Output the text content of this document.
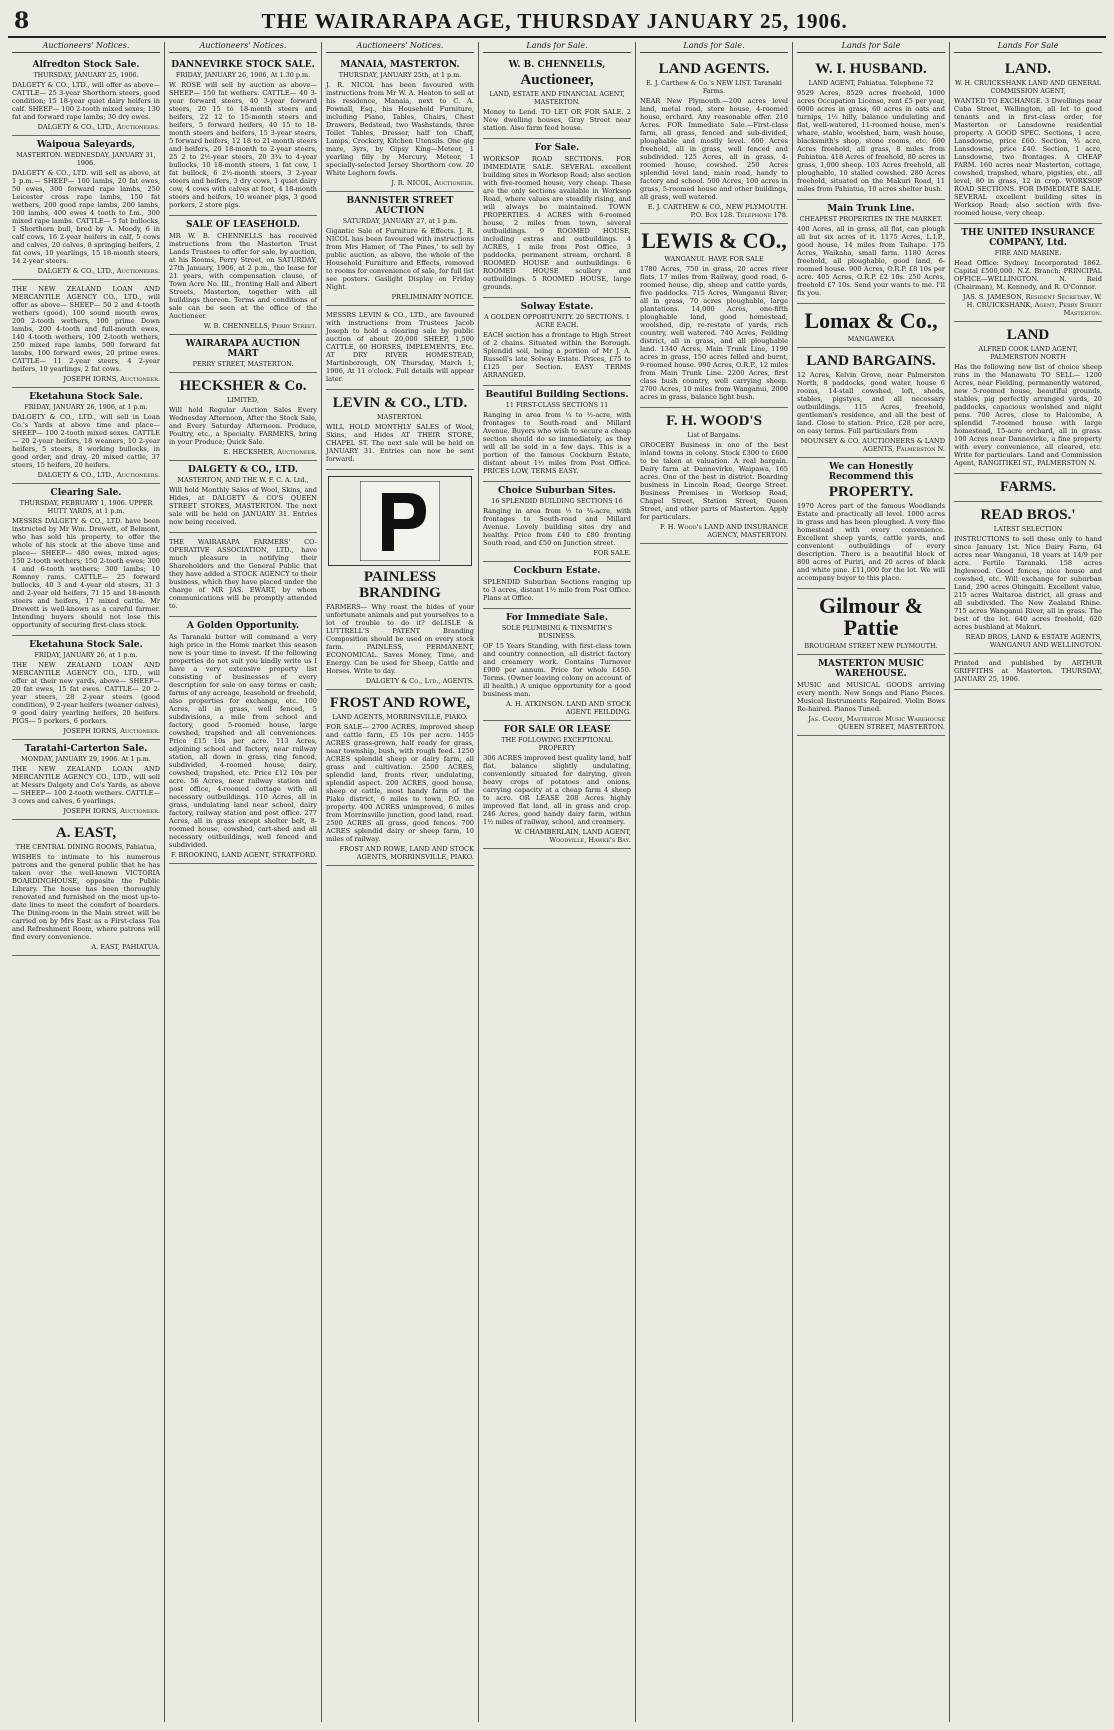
8	THE WAIRARAPA AGE, THURSDAY JANUARY 25, 1906.
Auctioneers' Notices.
Alfredton Stock Sale.
THURSDAY, JANUARY 25, 1906.

DALGETY & CO., LTD., will offer as above— CATTLE— 25 3-year Shorthorn steers, good condition; 15 18-year quiet dairy heifers in calf. SHEEP— 100 2-tooth mixed sexes; 130 fat and forward rape lambs; 30 dry ewes.

DALGETY & CO., LTD., Auctioneers.
Waipoua Saleyards,
MASTERTON. WEDNESDAY, JANUARY 31, 1906.

DALGETY & CO., LTD. will sell as above, at 1 p.m.— SHEEP— 100 lambs, 20 fat ewes, 50 ewes, 300 forward rape lambs, 250 Leicester cross rape lambs, 150 fat wethers, 200 good rape lambs, 200 lambs, 100 lambs, 400 ewes 4 tooth to f.m., 300 mixed rape lambs. CATTLE— 5 fat bullocks, 1 Shorthorn bull, bred by A. Moody, 6 in calf cows, 16 2-year heifers in calf, 5 cows and calves, 20 calves, 8 springing heifers, 2 fat cows, 10 yearlings, 15 18-month steers, 14 2-year steers.

DALGETY & CO., LTD., Auctioneers.

THE NEW ZEALAND LOAN AND MERCANTILE AGENCY CO., LTD., will offer as above— SHEEP— 50 2 and 4-tooth wethers (good), 100 sound mouth ewes, 200 2-tooth wethers, 100 prime Down lambs, 200 4-tooth and full-mouth ewes, 140 4-tooth wethers, 100 2-tooth wethers, 250 mixed rape lambs, 500 forward fat lambs, 100 forward ewes, 20 prime ewes. CATTLE— 11 2-year steers, 4 2-year heifers, 10 yearlings, 2 fat cows.

JOSEPH IORNS, Auctioneer.
Eketahuna Stock Sale.
FRIDAY, JANUARY 26, 1906, at 1 p.m.

DALGETY & CO., LTD., will sell in Lean Co.'s Yards at above time and place— SHEEP— 100 2-tooth mixed sexes. CATTLE— 20 2-year heifers, 18 weaners, 10 2-year heifers, 5 steers, 8 working bullocks, in good order, and dray, 20 mixed cattle, 37 steers, 15 heifers, 20 heifers.

DALGETY & CO., LTD., Auctioneers.
Clearing Sale.
THURSDAY, FEBRUARY 1, 1906. UPPER HUTT YARDS, at 1 p.m.

MESSRS DALGETY & CO., LTD. have been instructed by Mr Wm. Drewett, of Belmont, who has sold his property, to offer the whole of his stock at the above time and place— SHEEP— 480 ewes, mixed ages; 150 2-tooth wethers; 150 2-tooth ewes; 300 4 and 6-tooth wethers; 300 lambs; 10 Romney rams. CATTLE— 25 forward bullocks, 40 3 and 4-year old steers, 31 3 and 2-year old heifers, 71 15 and 18-month steers and heifers, 17 mixed cattle. Mr Drewett is well-known as a careful farmer. Intending buyers should not lose this opportunity of securing first-class stock.

Eketahuna Stock Sale.
FRIDAY, JANUARY 26, at 1 p.m.

THE NEW ZEALAND LOAN AND MERCANTILE AGENCY CO., LTD., will offer at their new yards, above— SHEEP— 20 fat ewes, 15 fat ewes. CATTLE— 20 2-year steers, 28 2-year steers (good condition), 9 2-year heifers (weaner calves), 9 good dairy yearling heifers, 20 heifers. PIGS— 5 porkers, 6 porkers.

JOSEPH IORNS, Auctioneer.
Taratahi-Carterton Sale.
MONDAY, JANUARY 29, 1906. At 1 p.m.

THE NEW ZEALAND LOAN AND MERCANTILE AGENCY CO., LTD., will sell at Messrs Dalgety and Co's Yards, as above— SHEEP— 100 2-tooth wethers. CATTLE— 3 cows and calves, 6 yearlings.

JOSEPH IORNS, Auctioneer.
A. EAST,
THE CENTRAL DINING ROOMS, Pahiatua,

WISHES to intimate to his numerous patrons and the general public that he has taken over the well-known VICTORIA BOARDINGHOUSE, opposite the Public Library. The house has been thoroughly renovated and furnished on the most up-to-date lines to meet the comfort of boarders. The Dining-room in the Main street will be carried on by Mrs East as a First-class Tea and Refreshment Room, where patrons will find every convenience.

A. EAST, PAHIATUA.
Auctioneers' Notices.
DANNEVIRKE STOCK SALE.
FRIDAY, JANUARY 26, 1906, At 1.30 p.m.

W. ROSE will sell by auction as above— SHEEP— 150 fat wethers. CATTLE— 40 3-year forward steers, 40 3-year forward steers, 20 15 to 18-month steers and heifers, 22 12 to 15-month steers and heifers, 5 forward heifers, 40 15 to 18-month steers and heifers, 15 3-year steers, 5 forward heifers, 12 18 to 21-month steers and heifers, 20 18-month to 2-year steers, 25 2 to 2½-year steers, 20 3¼ to 4-year bullocks, 10 18-month steers, 1 fat cow, 1 fat bullock, 6 2½-month steers, 3 2-year steers and heifers, 3 dry cows, 1 quiet dairy cow, 4 cows with calves at foot, 4 18-month steers and heifers, 10 weaner pigs, 3 good porkers, 2 store pigs.

SALE OF LEASEHOLD.

MR W. B. CHENNELLS has received instructions from the Masterton Trust Lands Trustees to offer for sale, by auction, at his Rooms, Perry Street, on SATURDAY, 27th January, 1906, at 2 p.m., the lease for 21 years, with compensation clause, of Town Acre No. III., fronting Hall and Albert Streets, Masterton, together with all buildings thereon. Terms and conditions of sale can be seen at the office of the Auctioneer.

W. B. CHENNELLS, Perry Street.
WAIRARAPA AUCTION MART
PERRY STREET, MASTERTON.
HECKSHER & Co.
LIMITED,

Will hold Regular Auction Sales Every Wednesday Afternoon, After the Stock Sale, and Every Saturday Afternoon. Produce, Poultry, etc., a Specialty. FARMERS, bring in your Produce; Quick Sale.

E. HECKSHER, Auctioneer.
DALGETY & CO., LTD.
MASTERTON, AND THE W. F. C. A. Ltd.,

Will hold Monthly Sales of Wool, Skins, and Hides, at DALGETY & CO'S QUEEN STREET STORES, MASTERTON. The next sale will be held on JANUARY 31. Entries now being received.

THE WAIRARAPA FARMERS' CO-OPERATIVE ASSOCIATION, LTD., have much pleasure in notifying their Shareholders and the General Public that they have added a STOCK AGENCY to their business, which they have placed under the charge of MR JAS. EWART, by whom communications will be promptly attended to.

A Golden Opportunity.

As Taranaki butter will command a very high price in the Home market this season now is your time to invest. If the following properties do not suit you kindly write us I have a very extensive property list consisting of businesses of every description for sale on easy terms or cash; farms of any acreage, leasehold or freehold, also properties for exchange, etc. 100 Acres, all in grass, well fenced, 5 subdivisions, a mile from school and factory, good 5-roomed house, large cowshed, trapshed and all conveniences. Price £15 10s per acre. 113 Acres, adjoining school and factory, near railway station, all down in grass, ring fenced, subdivided, 4-roomed house, dairy, cowshed, trapshed, etc. Price £12 10s per acre. 56 Acres, near railway station and post office, 4-roomed cottage with all necessary outbuildings. 110 Acres, all in grass, undulating land near school, dairy factory, railway station and post office. 277 Acres, all in grass except shelter belt, 8-roomed house, cowshed, cart-shed and all necessary outbuildings, well fenced and subdivided.

F. BROOKING, LAND AGENT, STRATFORD.
Auctioneers' Notices.
MANAIA, MASTERTON.
THURSDAY, JANUARY 25th, at 1 p.m.

J. R. NICOL has been favoured with instructions from Mr W. A. Heaton to sell at his residence, Manaia, next to C. A. Pownall, Esq., his Household Furniture, including Piano, Tables, Chairs, Chest Drawers, Bedstead, two Washstands, three Toilet Tables, Dresser, half ton Chaff, Lamps, Crockery, Kitchen Utensils. One gig mare, 3yrs, by Gipsy King—Meteor, 1 yearling filly by Mercury, Meteor, 1 specially-selected Jersey Shorthorn cow. 20 White Leghorn fowls.

J. R. NICOL, Auctioneer.
BANNISTER STREET AUCTION
SATURDAY, JANUARY 27, at 1 p.m.

Gigantic Sale of Furniture & Effects. J. R. NICOL has been favoured with instructions from Mrs Hamer, of 'The Pines,' to sell by public auction, as above, the whole of the Household Furniture and Effects, removed to rooms for convenience of sale, for full list see posters. Gaslight Display on Friday Night.

PRELIMINARY NOTICE.

MESSRS LEVIN & CO., LTD., are favoured with instructions from Trustees Jacob Joseph to hold a clearing sale by public auction of about 20,000 SHEEP, 1,500 CATTLE, 60 HORSES, IMPLEMENTS, Etc. AT DRY RIVER HOMESTEAD, Martinborough, ON Thursday, March 1, 1906, At 11 o'clock. Full details will appear later.

LEVIN & CO., LTD.
MASTERTON.

WILL HOLD MONTHLY SALES of Wool, Skins, and Hides AT THEIR STORE, CHAPEL ST. The next sale will be held on JANUARY 31. Entries can now be sent forward.

PAINLESS BRANDING

FARMERS— Why roast the hides of your unfortunate animals and put yourselves to a lot of trouble to do it? deLISLE & LUTTRELL'S PATENT Branding Composition should be used on every stock farm. PAINLESS, PERMANENT, ECONOMICAL. Saves Money, Time, and Energy. Can be used for Sheep, Cattle and Horses. Write to day.

DALGETY & Co., Ltd., AGENTS.
FROST AND ROWE,
LAND AGENTS, MORRINSVILLE, PIAKO.

FOR SALE— 2700 ACRES, improved sheep and cattle farm, £5 10s per acre. 1455 ACRES grass-grown, half ready for grass, near township, bush, with rough feed. 1250 ACRES splendid sheep or dairy farm, all grass and cultivation. 2500 ACRES, splendid land, fronts river, undulating, splendid aspect. 200 ACRES, good house, sheep or cattle, most handy farm of the Piako district, 6 miles to town, P.O. on property. 400 ACRES unimproved, 6 miles from Morrinsville junction, good land, road. 2500 ACRES all grass, good fences. 700 ACRES splendid dairy or sheep farm, 10 miles of railway.

FROST AND ROWE, LAND AND STOCK AGENTS, MORRINSVILLE, PIAKO.
Lands for Sale.
W. B. CHENNELLS,
Auctioneer,
LAND, ESTATE AND FINANCIAL AGENT, MASTERTON.

Money to Lend. TO LET OR FOR SALE. 2 New dwelling houses, Gray Street near station. Also farm feed house.

For Sale.

WORKSOP ROAD SECTIONS. FOR IMMEDIATE SALE. SEVERAL excellent building sites in Worksop Road; also section with five-roomed house, very cheap. These are the only sections available in Worksop Road, where values are steadily rising, and will always be maintained. TOWN PROPERTIES. 4 ACRES with 6-roomed house, 2 miles from town, several outbuildings. 9 ROOMED HOUSE, including extras and outbuildings. 4 ACRES, 1 mile from Post Office, 3 paddocks, permanent stream, orchard. 8 ROOMED HOUSE and outbuildings. 6 ROOMED HOUSE scullery and outbuildings. 5 ROOMED HOUSE, large grounds.

Solway Estate.
A GOLDEN OPPORTUNITY. 20 SECTIONS. 1 ACRE EACH.

EACH section has a frontage to High Street of 2 chains. Situated within the Borough. Splendid soil, being a portion of Mr J. A. Russell's late Solway Estate. Prices, £75 to £125 per Section. EASY TERMS ARRANGED.

Beautiful Building Sections.
11 FIRST-CLASS SECTIONS 11

Ranging in area from ¼ to ½-acre, with frontages to South-road and Millard Avenue. Buyers who wish to secure a cheap section should do so immediately, as they will all be sold in a few days. This is a portion of the famous Cockburn Estate, distant about 1½ miles from Post Office. PRICES LOW, TERMS EASY.

Choice Suburban Sites.
16 SPLENDID BUILDING SECTIONS 16

Ranging in area from ½ to ¾-acre, with frontages to South-road and Millard Avenue. Lovely building sites dry and healthy. Price from £40 to £80 fronting South road, and £50 on Junction street.

FOR SALE.
Cockburn Estate.

SPLENDID Suburban Sections ranging up to 3 acres, distant 1½ mile from Post Office. Plans at Office.

For Immediate Sale.
SOLE PLUMBING & TINSMITH'S BUSINESS.

OF 15 Years Standing, with first-class town and country connection, all district factory and creamery work. Contains Turnover £900 per annum. Price for whole £450. Terms. (Owner leaving colony on account of ill health.) A unique opportunity for a good business man.

A. H. ATKINSON. LAND AND STOCK AGENT. FEILDING.
FOR SALE OR LEASE
THE FOLLOWING EXCEPTIONAL PROPERTY

306 ACRES improved best quality land, half flat, balance slightly undulating, conveniently situated for dairying, given heavy crops of potatoes and onions, carrying capacity at a cheap farm 4 sheep to acre. OR LEASE 208 Acres highly improved flat land, all in grass and crop. 246 Acres, good handy dairy farm, within 1½ miles of railway, school, and creamery.

W. CHAMBERLAIN, LAND AGENT, Woodville, Hawke's Bay.
Lands for Sale.
LAND AGENTS.
E. J. Carthew & Co.'s NEW LIST. Taranaki Farms.

NEAR New Plymouth.—200 acres level land, metal road, store house, 4-roomed house, orchard. Any reasonable offer. 210 Acres. FOR Immediate Sale.—First-class farm, all grass, fenced and sub-divided, ploughable and mostly level. 600 Acres freehold, all in grass, well fenced and subdivided. 125 Acres, all in grass, 4-roomed house, cowshed. 250 Acres splendid level land, main road, handy to factory and school. 500 Acres, 100 acres in grass, 5-roomed house and other buildings, all grass, well watered.

E. J. CARTHEW & CO., NEW PLYMOUTH. P.O. Box 128. Telephone 178.
LEWIS & CO.,
WANGANUI. HAVE FOR SALE

1780 Acres, 750 in grass, 20 acres river flats, 17 miles from Railway, good road, 6-roomed house, dip, sheep and cattle yards, five paddocks. 715 Acres, Wanganui River, all in grass, 70 acres ploughable, large plantations. 14,000 Acres, one-fifth ploughable land, good homestead, woolshed, dip, re-restate of yards, rich country, well watered. 740 Acres, Feilding district, all in grass, and all ploughable land. 1340 Acres, Main Trunk Line, 1190 acres in grass, 150 acres felled and burnt, 9-roomed house. 990 Acres, O.R.P., 12 miles from Main Trunk Line. 2200 Acres, first class bush country, well carrying sheep. 2700 Acres, 10 miles from Wanganui, 2000 acres in grass, balance light bush.

F. H. WOOD'S
List of Bargains.

GROCERY Business in one of the best inland towns in colony. Stock £300 to £600 to be taken at valuation. A real bargain. Dairy farm at Dannevirke, Waipawa, 165 acres. One of the best in district. Boarding business in Lincoln Road, George Street. Business Premises in Worksop Road, Chapel Street, Station Street, Queen Street, and other parts of Masterton. Apply for particulars.

F. H. Wood's LAND AND INSURANCE AGENCY, MASTERTON.
Lands for Sale
W. I. HUSBAND.
LAND AGENT, Pahiatua. Telephone 72

9529 Acres, 8529 acres freehold, 1000 acres Occupation License, rent £5 per year, 6000 acres in grass, 60 acres in oats and turnips, 1½ hilly, balance undulating and flat, well-watered, 11-roomed house, men's whare, stable, woolshed, barn, wash house, blacksmith's shop, stone rooms, etc. 600 Acres freehold, all grass, 8 miles from Pahiatua. 418 Acres of freehold, 80 acres in grass, 1,000 sheep. 103 Acres freehold, all ploughable, 10 stalled cowshed. 280 Acres freehold, situated on the Makuri Road, 11 miles from Pahiatua, 10 acres shelter bush.

Main Trunk Line.
CHEAPEST PROPERTIES IN THE MARKET.

400 Acres, all in grass, all flat, can plough all but six acres of it. 1175 Acres, L.I.P., good house, 14 miles from Taihape. 175 Acres, Waikaha, small farm. 1180 Acres freehold, all ploughable, good land, 6-roomed house. 900 Acres, O.R.P. £8 10s per acre. 405 Acres, O.R.P. £2 10s. 250 Acres, freehold £7 10s. Send your wants to me. I'll fix you.

Lomax & Co.,
MANGAWEKA
LAND BARGAINS.

12 Acres, Kelvin Grove, near Palmerston North, 8 paddocks, good water, house 6 rooms, 14-stall cowshed, loft, sheds, stables, pigstyes, and all necessary outbuildings. 115 Acres, freehold, gentleman's residence, and all the best of land. Close to station. Price, £28 per acre, on easy terms. Full particulars from

MOUNSEY & CO. AUCTIONEERS & LAND AGENTS, Palmerston N.
We can Honestly Recommend this
PROPERTY.

1970 Acres part of the famous Woodlands Estate and practically all level. 1000 acres in grass and has been ploughed. A very fine homestead with every convenience. Excellent sheep yards, cattle yards, and convenient outbuildings of every description. There is a beautiful block of 800 acres of Puriri, and 20 acres of black and white pine. £11,000 for the lot. We will accompany buyer to this place.

Gilmour & Pattie
BROUGHAM STREET NEW PLYMOUTH.
MASTERTON MUSIC WAREHOUSE.

MUSIC and MUSICAL GOODS arriving every month. New Songs and Piano Pieces. Musical Instruments Repaired. Violin Bows Re-haired. Pianos Tuned.

Jas. Candy, Masterton Music Warehouse QUEEN STREET, MASTERTON.
Lands For Sale
LAND.
W. H. CRUICKSHANK LAND AND GENERAL COMMISSION AGENT,

WANTED TO EXCHANGE. 3 Dwellings near Cuba Street, Wellington, all let to good tenants and in first-class order, for Masterton or Lansdowne residential property. A GOOD SPEC. Sections, 1 acre, Lansdowne, price £60. Section, ¾ acre, Lansdowne, price £40. Section, 1 acre, Lansdowne, two frontages. A CHEAP FARM. 160 acres near Masterton, cottage, cowshed, trapshed, whare, pigsties, etc., all level, 80 in grass, 12 in crop. WORKSOP ROAD SECTIONS. FOR IMMEDIATE SALE. SEVERAL excellent building sites in Worksop Road; also section with five-roomed house, very cheap.

THE UNITED INSURANCE COMPANY, Ltd.
FIRE AND MARINE.

Head Office: Sydney. Incorporated 1862. Capital £500,000. N.Z. Branch: PRINCIPAL OFFICE—WELLINGTON. N. Reid (Chairman), M. Kennedy, and R. O'Connor.

JAS. S. JAMESON, Resident Secretary. W. H. CRUICKSHANK, Agent, Perry Street Masterton.
LAND
ALFRED COOK LAND AGENT, PALMERSTON NORTH

Has the following new list of choice sheep runs in the Manawatu TO SELL— 1200 Acres, near Fielding, permanently watered, new 5-roomed house, beautiful grounds, stables, pig perfectly arranged yards, 20 paddocks, capacious woolshed and night pens. 700 Acres, close to Halcombe, A splendid 7-roomed house with large homestead, 15-acre orchard, all in grass. 100 Acres near Dannevirke, a fine property with every convenience, all cleared, etc. Write for particulars. Land and Commission Agent, RANGITIKEI ST., PALMERSTON N.

FARMS.
READ BROS.'
LATEST SELECTION

INSTRUCTIONS to sell these only to hand since January 1st. Nice Dairy Farm, 64 acres near Wanganui, 18 years at 14/9 per acre. Fertile Taranaki. 158 acres Inglewood. Good fences, nice house and cowshed, etc. Will exchange for suburban Land, 290 acres Ohingaiti. Excellent value, 215 acres Waitaroa district, all grass and all subdivided. The New Zealand Rhine. 715 acres Wanganui River, all in grass. The best of the lot. 640 acres freehold, 620 acres bushland at Makuri.

READ BROS, LAND & ESTATE AGENTS, WANGANUI AND WELLINGTON.

Printed and published by ARTHUR GRIFFITHS at Masterton. THURSDAY, JANUARY 25, 1906.
